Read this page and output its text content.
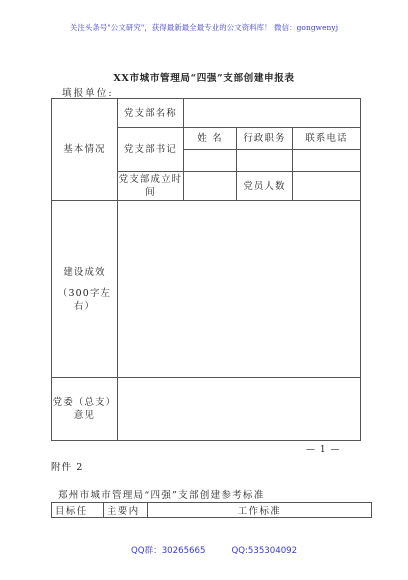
关注头条号"公文研究"，获得最新最全最专业的公文资料库！ 微信：gongwenyj
XX市城市管理局“四强”支部创建申报表
填报单位:
基本情况	党支部名称			
	党支部书记	姓 名	行政职务	联系电话

	党支部成立时间		党员人数	

建设成效
（300字左右）				

党委（总支）意见				
— 1 —
附件 2
郑州市城市管理局“四强”支部创建参考标准
目标任	主要内	工作标准
QQ群：30265665	QQ:535304092
